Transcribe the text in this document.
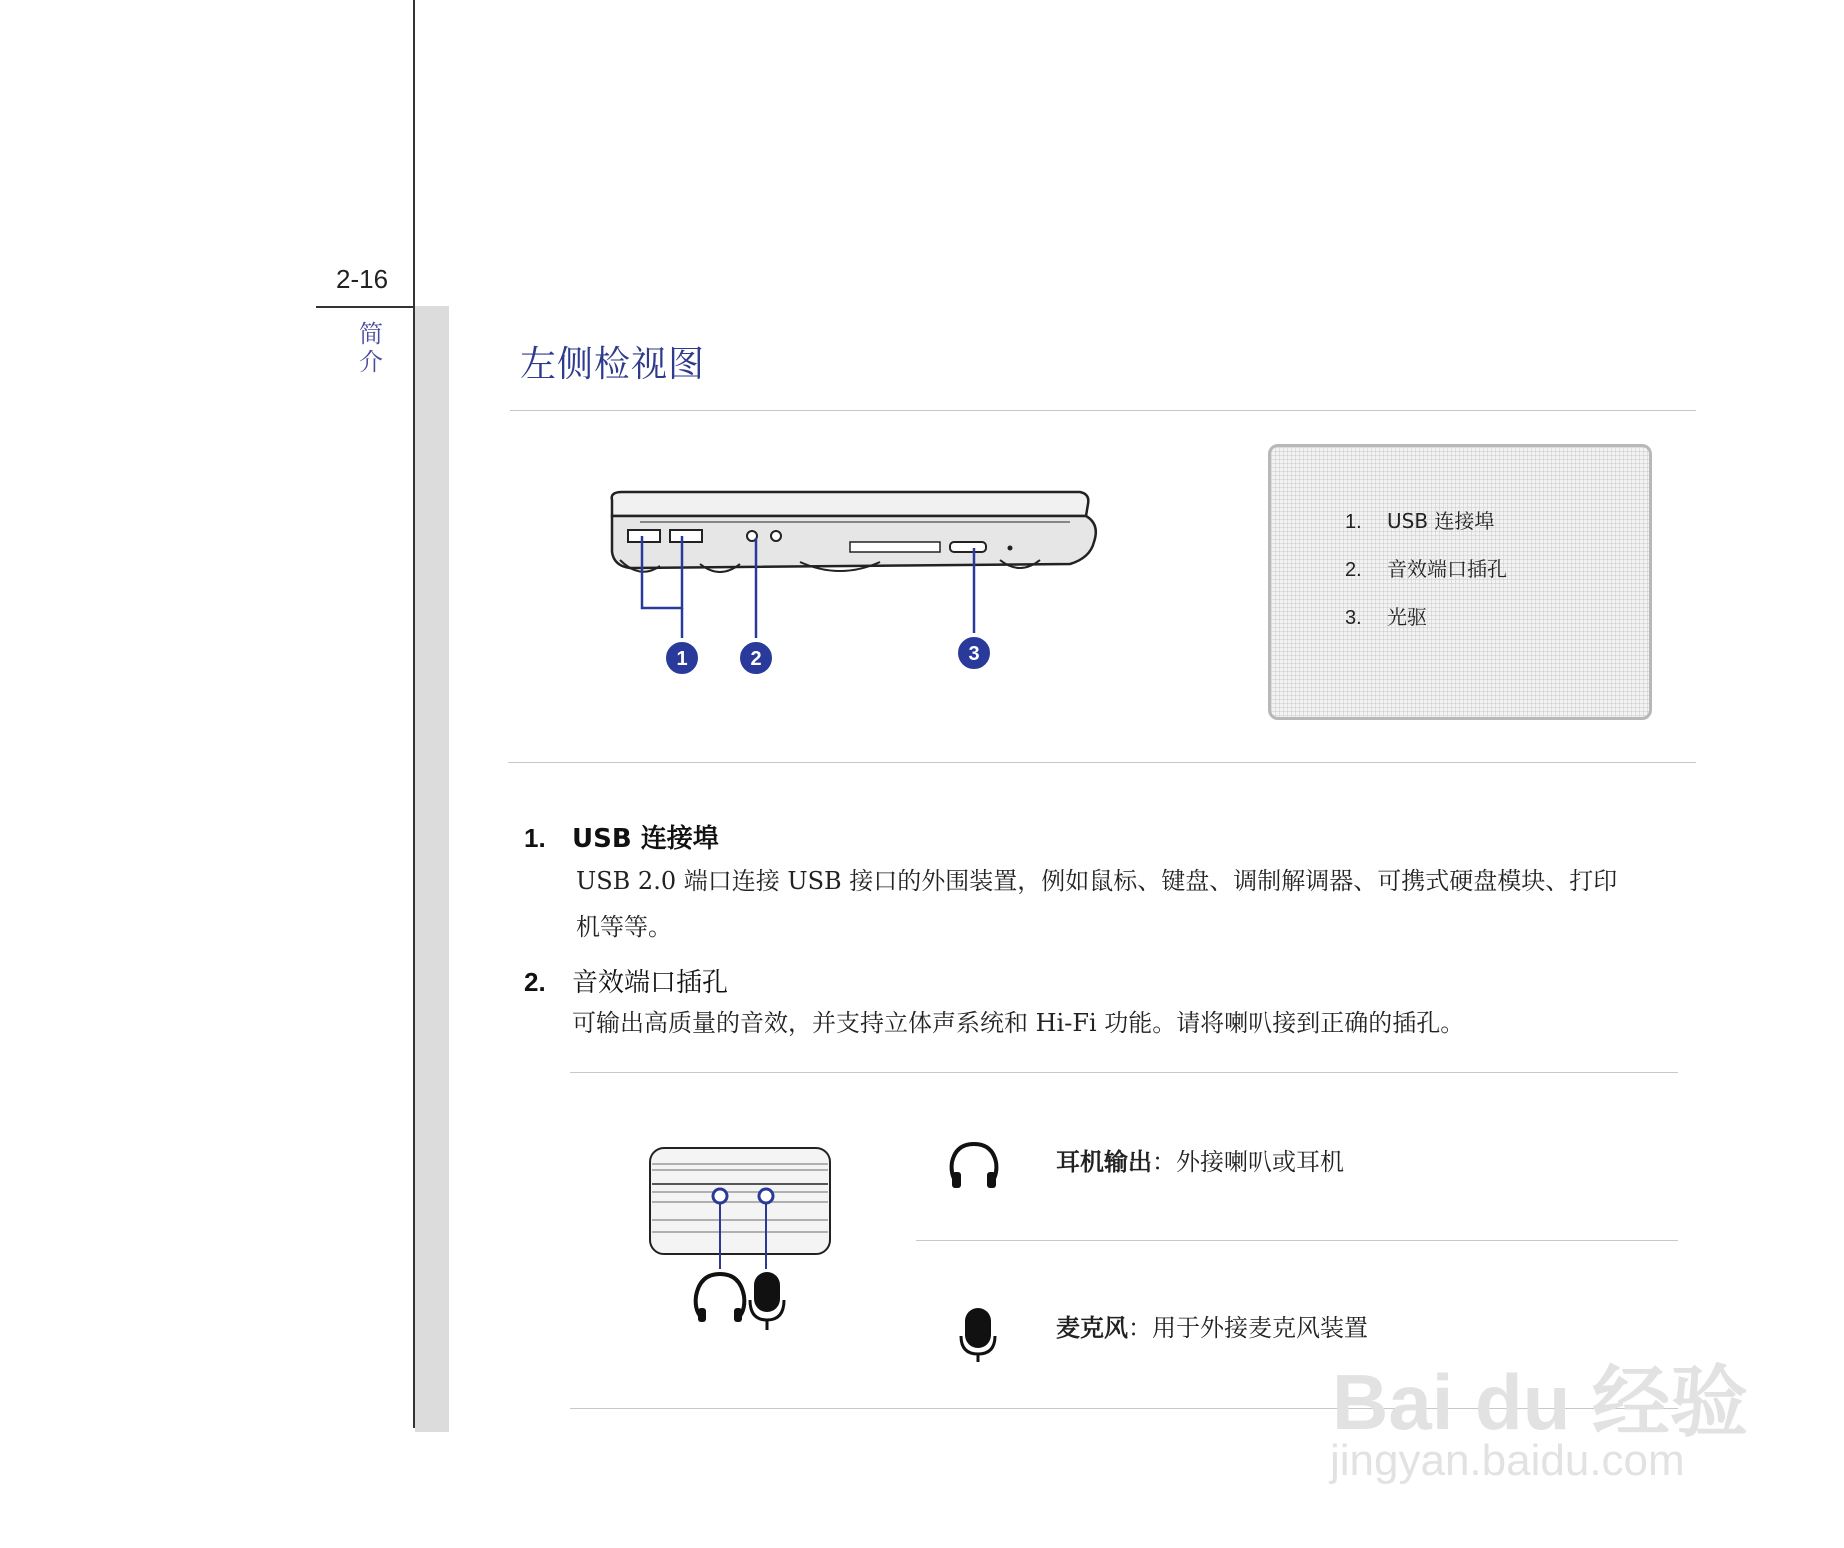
2-16
简
介	左侧检视图
1	2	3
1. USB 连接埠
2. 音效端口插孔
3. 光驱
1. USB 连接埠
USB 2.0 端口连接 USB 接口的外围装置，例如鼠标、键盘、调制解调器、可携式硬盘模块、打印
机等等。
2. 音效端口插孔
可输出高质量的音效，并支持立体声系统和 Hi-Fi 功能。请将喇叭接到正确的插孔。
耳机输出：外接喇叭或耳机
麦克风：用于外接麦克风装置
Bai du 经验
jingyan.baidu.com
